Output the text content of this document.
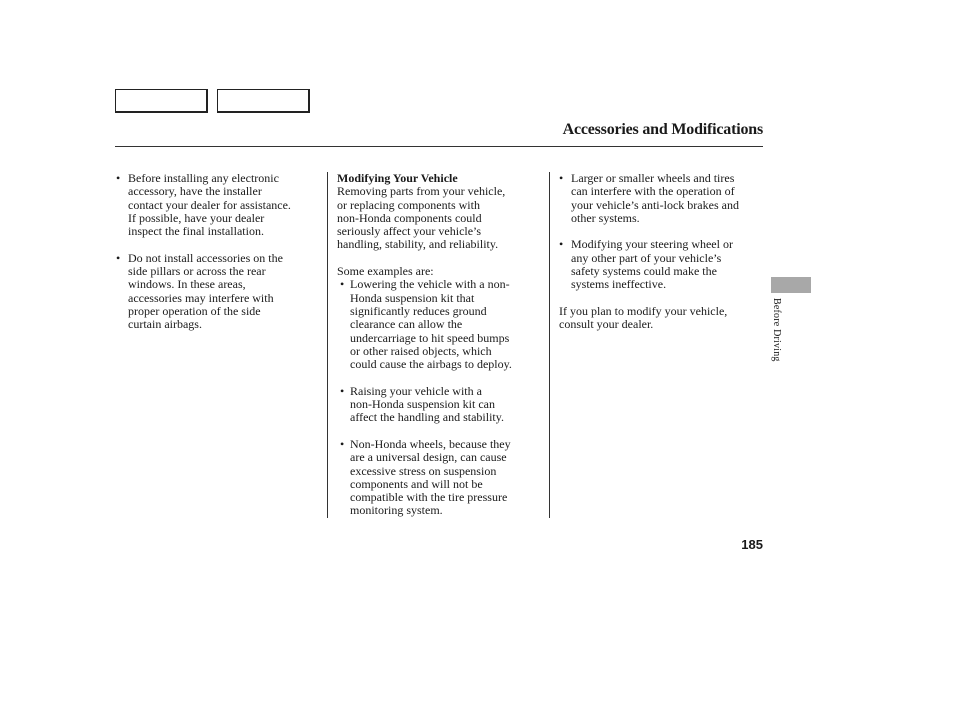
Accessories and Modifications
• Before installing any electronic
accessory, have the installer
contact your dealer for assistance.
If possible, have your dealer
inspect the final installation.
• Do not install accessories on the
side pillars or across the rear
windows. In these areas,
accessories may interfere with
proper operation of the side
curtain airbags.
Modifying Your Vehicle
Removing parts from your vehicle,
or replacing components with
non-Honda components could
seriously affect your vehicle’s
handling, stability, and reliability.
Some examples are:
• Lowering the vehicle with a non-
Honda suspension kit that
significantly reduces ground
clearance can allow the
undercarriage to hit speed bumps
or other raised objects, which
could cause the airbags to deploy.
• Raising your vehicle with a
non-Honda suspension kit can
affect the handling and stability.
• Non-Honda wheels, because they
are a universal design, can cause
excessive stress on suspension
components and will not be
compatible with the tire pressure
monitoring system.
• Larger or smaller wheels and tires
can interfere with the operation of
your vehicle’s anti-lock brakes and
other systems.
• Modifying your steering wheel or
any other part of your vehicle’s
safety systems could make the
systems ineffective.
If you plan to modify your vehicle,
consult your dealer.	Before Driving
185
